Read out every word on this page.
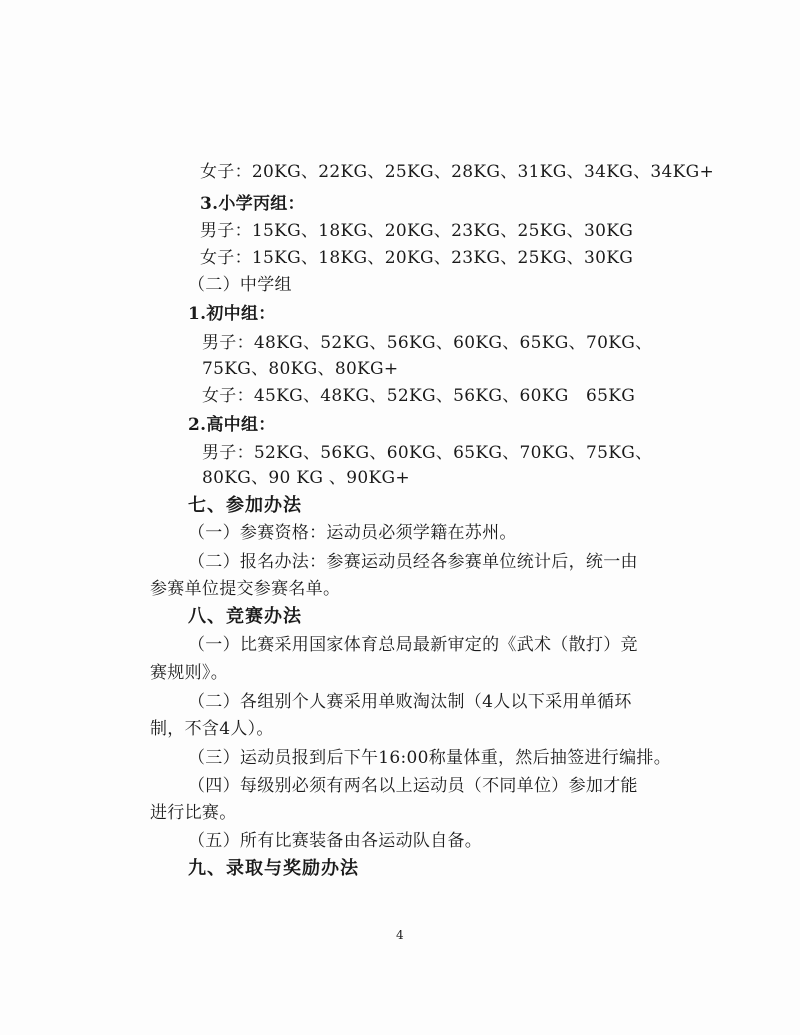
女子：20KG、22KG、25KG、28KG、31KG、34KG、34KG+
3.小学丙组：
男子：15KG、18KG、20KG、23KG、25KG、30KG
女子：15KG、18KG、20KG、23KG、25KG、30KG
（二）中学组
1.初中组：
男子：48KG、52KG、56KG、60KG、65KG、70KG、
75KG、80KG、80KG+
女子：45KG、48KG、52KG、56KG、60KG　65KG
2.高中组：
男子：52KG、56KG、60KG、65KG、70KG、75KG、
80KG、90 KG 、90KG+
七、参加办法
（一）参赛资格：运动员必须学籍在苏州。
（二）报名办法：参赛运动员经各参赛单位统计后，统一由
参赛单位提交参赛名单。
八、竞赛办法
（一）比赛采用国家体育总局最新审定的《武术（散打）竞
赛规则》。
（二）各组别个人赛采用单败淘汰制（4人以下采用单循环
制，不含4人）。
（三）运动员报到后下午16:00称量体重，然后抽签进行编排。
（四）每级别必须有两名以上运动员（不同单位）参加才能
进行比赛。
（五）所有比赛装备由各运动队自备。
九、录取与奖励办法
4
